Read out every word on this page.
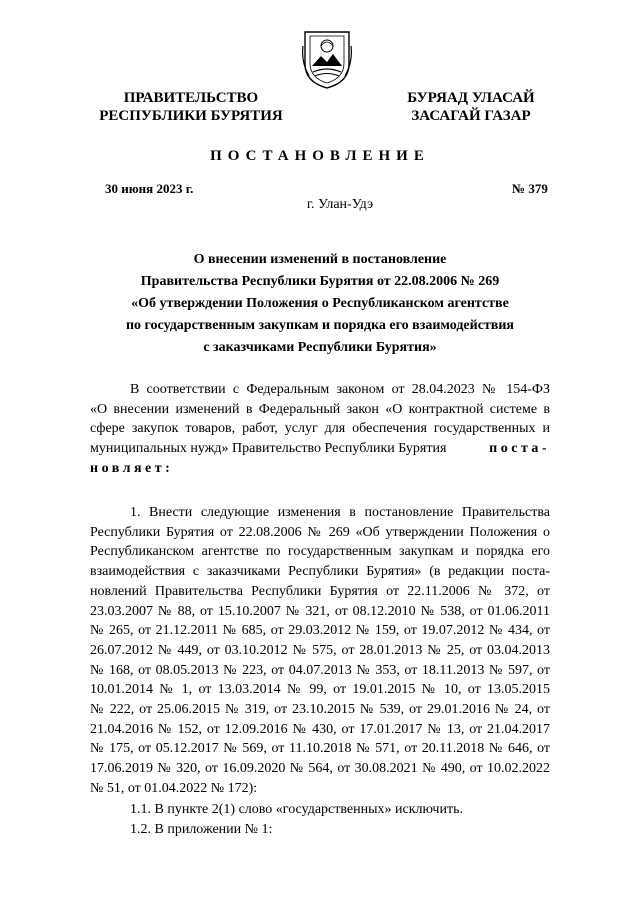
ПРАВИТЕЛЬСТВО
РЕСПУБЛИКИ БУРЯТИЯ
БУРЯАД УЛАСАЙ
ЗАСАГАЙ ГАЗАР
ПОСТАНОВЛЕНИЕ
30 июня 2023 г.	№ 379
г. Улан-Удэ
О внесении изменений в постановление
Правительства Республики Бурятия от 22.08.2006 № 269
«Об утверждении Положения о Республиканском агентстве
по государственным закупкам и порядка его взаимодействия
с заказчиками Республики Бурятия»
В соответствии с Федеральным законом от 28.04.2023 № 154-ФЗ
«О внесении изменений в Федеральный закон «О контрактной системе в
сфере закупок товаров, работ, услуг для обеспечения государственных и
муниципальных нужд» Правительство Республики Бурятия	постa-
новляет:
1. Внести следующие изменения в постановление Правительства
Республики Бурятия от 22.08.2006 № 269 «Об утверждении Положения о
Республиканском агентстве по государственным закупкам и порядка его
взаимодействия с заказчиками Республики Бурятия» (в редакции поста-
новлений Правительства Республики Бурятия от 22.11.2006 № 372, от
23.03.2007 № 88, от 15.10.2007 № 321, от 08.12.2010 № 538, от 01.06.2011
№ 265, от 21.12.2011 № 685, от 29.03.2012 № 159, от 19.07.2012 № 434, от
26.07.2012 № 449, от 03.10.2012 № 575, от 28.01.2013 № 25, от 03.04.2013
№ 168, от 08.05.2013 № 223, от 04.07.2013 № 353, от 18.11.2013 № 597, от
10.01.2014 № 1, от 13.03.2014 № 99, от 19.01.2015 № 10, от 13.05.2015
№ 222, от 25.06.2015 № 319, от 23.10.2015 № 539, от 29.01.2016 № 24, от
21.04.2016 № 152, от 12.09.2016 № 430, от 17.01.2017 № 13, от 21.04.2017
№ 175, от 05.12.2017 № 569, от 11.10.2018 № 571, от 20.11.2018 № 646, от
17.06.2019 № 320, от 16.09.2020 № 564, от 30.08.2021 № 490, от 10.02.2022
№ 51, от 01.04.2022 № 172):
1.1. В пункте 2(1) слово «государственных» исключить.
1.2. В приложении № 1:
